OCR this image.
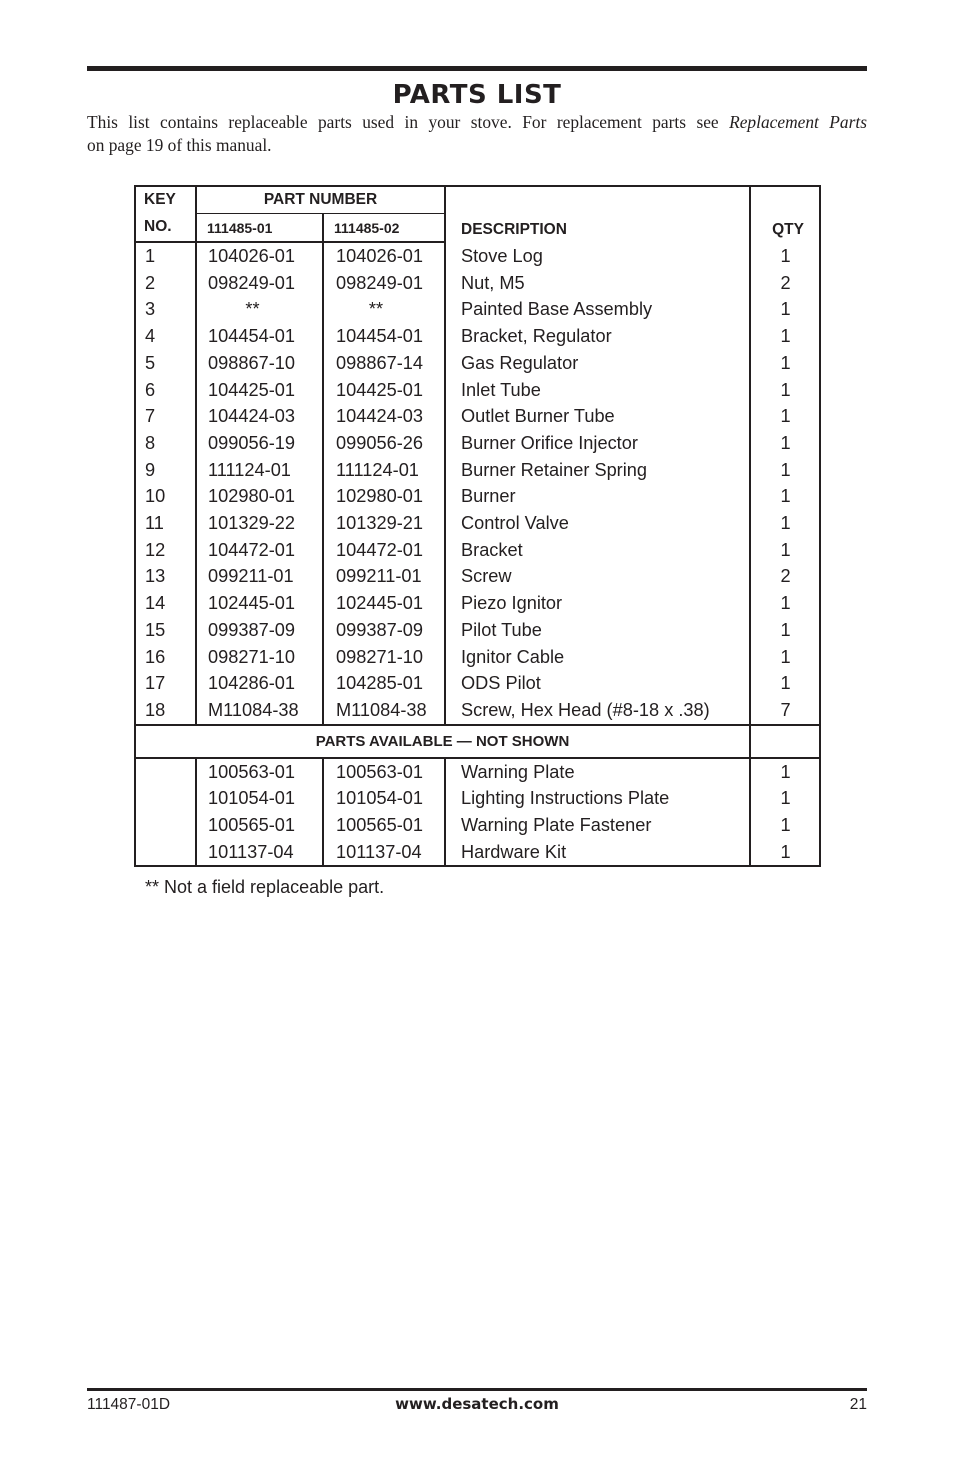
PARTS LIST
This list contains replaceable parts used in your stove. For replacement parts see Replacement Parts
on page 19 of this manual.
KEY	PART NUMBER		DESCRIPTION	QTY
NO.	111485-01	111485-02		
1	104026-01	104026-01	Stove Log	1
2	098249-01	098249-01	Nut, M5	2
3	**	**	Painted Base Assembly	1
4	104454-01	104454-01	Bracket, Regulator	1
5	098867-10	098867-14	Gas Regulator	1
6	104425-01	104425-01	Inlet Tube	1
7	104424-03	104424-03	Outlet Burner Tube	1
8	099056-19	099056-26	Burner Orifice Injector	1
9	111124-01	111124-01	Burner Retainer Spring	1
10	102980-01	102980-01	Burner	1
11	101329-22	101329-21	Control Valve	1
12	104472-01	104472-01	Bracket	1
13	099211-01	099211-01	Screw	2
14	102445-01	102445-01	Piezo Ignitor	1
15	099387-09	099387-09	Pilot Tube	1
16	098271-10	098271-10	Ignitor Cable	1
17	104286-01	104285-01	ODS Pilot	1
18	M11084-38	M11084-38	Screw, Hex Head (#8-18 x .38)	7
PARTS AVAILABLE — NOT SHOWN				
	100563-01	100563-01	Warning Plate	1
	101054-01	101054-01	Lighting Instructions Plate	1
	100565-01	100565-01	Warning Plate Fastener	1
	101137-04	101137-04	Hardware Kit	1
** Not a field replaceable part.
111487-01D	www.desatech.com	21
